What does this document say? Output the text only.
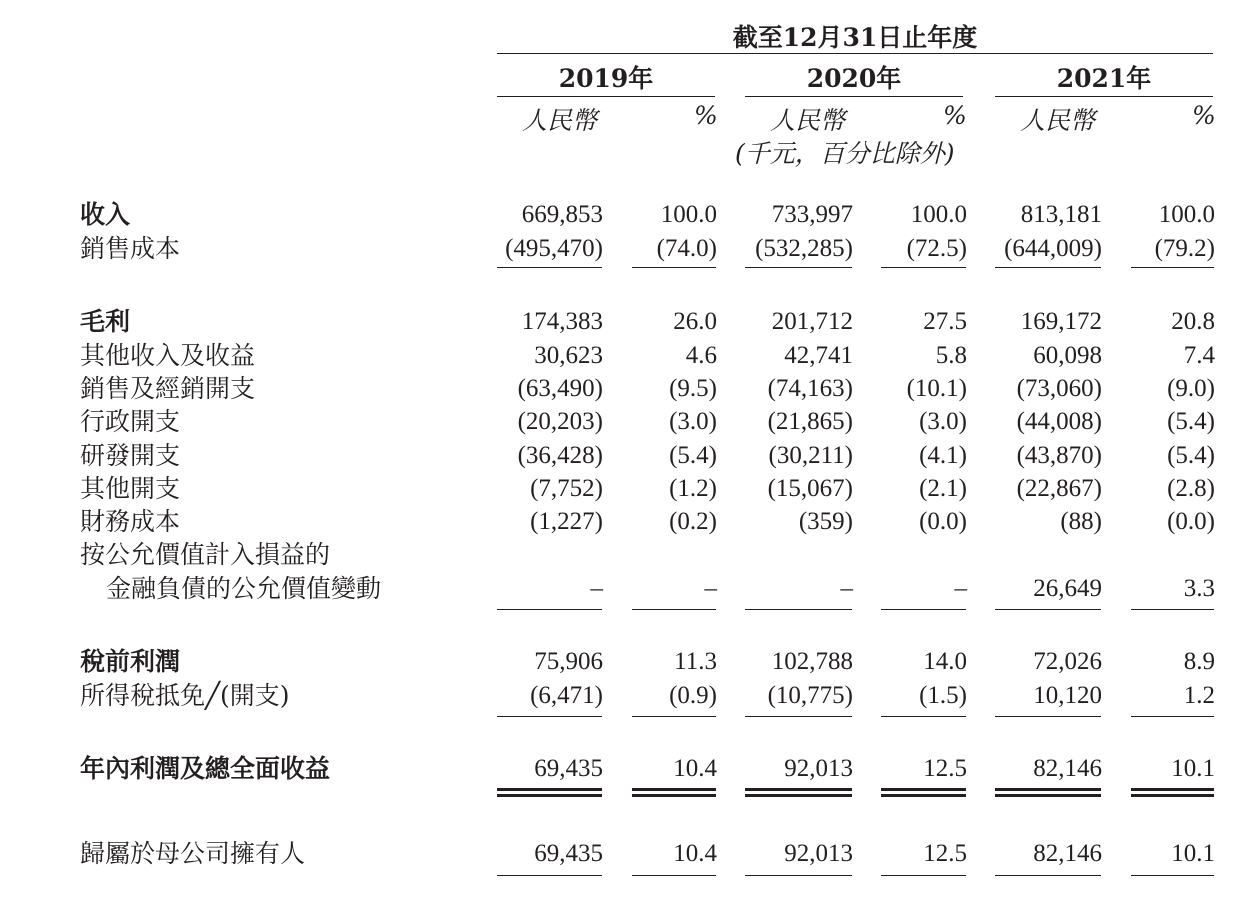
截至12月31日止年度
2019年	2020年	2021年
人民幣	% 人民幣	% 人民幣	%
(千元，百分比除外)
收入	669,853 100.0 733,997 100.0 813,181 100.0
銷售成本	(495,470) (74.0) (532,285) (72.5) (644,009) (79.2)
毛利	174,383	26.0 201,712	27.5 169,172	20.8
其他收入及收益	30,623	4.6	42,741	5.8	60,098	7.4
銷售及經銷開支	(63,490)	(9.5) (74,163) (10.1) (73,060)	(9.0)
行政開支	(20,203)	(3.0) (21,865)	(3.0) (44,008)	(5.4)
研發開支	(36,428)	(5.4) (30,211)	(4.1) (43,870)	(5.4)
其他開支	(7,752)	(1.2) (15,067)	(2.1) (22,867)	(2.8)
財務成本	(1,227)	(0.2)	(359)	(0.0)	(88)	(0.0)
按公允價值計入損益的
金融負債的公允價值變動	–	–	–	–	26,649	3.3
稅前利潤	75,906	11.3 102,788	14.0	72,026	8.9
所得稅抵免╱(開支)	(6,471)	(0.9) (10,775)	(1.5)	10,120	1.2
年內利潤及總全面收益	69,435	10.4	92,013	12.5	82,146	10.1
歸屬於母公司擁有人	69,435	10.4	92,013	12.5	82,146	10.1
